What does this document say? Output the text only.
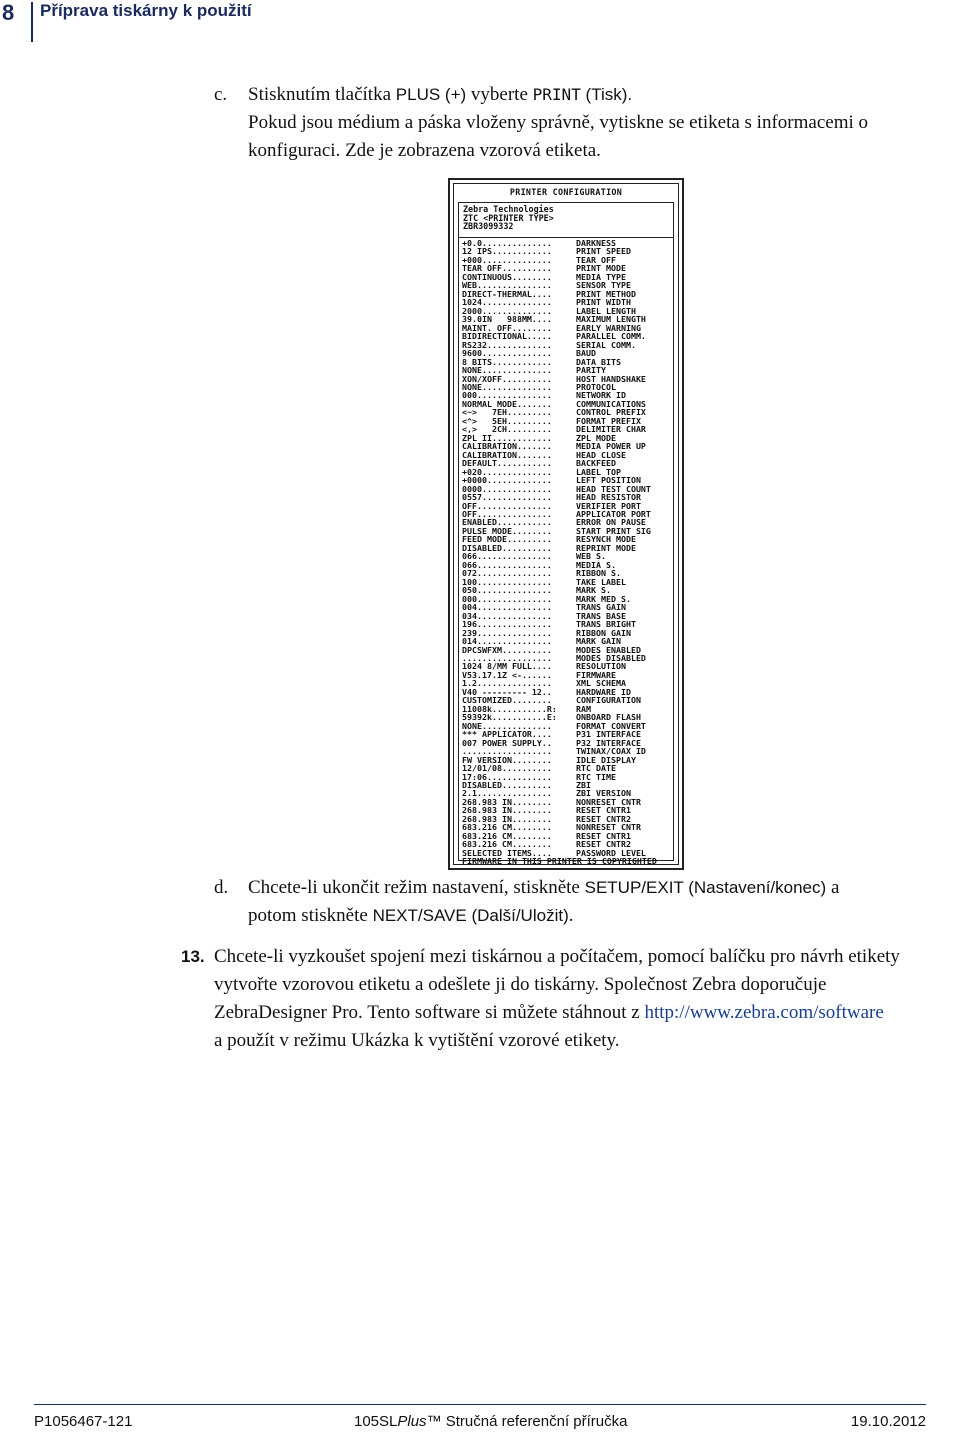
8 Příprava tiskárny k použití
c. Stisknutím tlačítka PLUS (+) vyberte PRINT (Tisk).
Pokud jsou médium a páska vloženy správně, vytiskne se etiketa s informacemi o
konfiguraci. Zde je zobrazena vzorová etiketa.
PRINTER CONFIGURATION
Zebra Technologies
ZTC <PRINTER TYPE>
ZBR3099332
+0.0..............	DARKNESS
12 IPS............	PRINT SPEED
+000..............	TEAR OFF
TEAR OFF..........	PRINT MODE
CONTINUOUS........	MEDIA TYPE
WEB...............	SENSOR TYPE
DIRECT-THERMAL....	PRINT METHOD
1024..............	PRINT WIDTH
2000..............	LABEL LENGTH
39.0IN   988MM....	MAXIMUM LENGTH
MAINT. OFF........	EARLY WARNING
BIDIRECTIONAL.....	PARALLEL COMM.
RS232.............	SERIAL COMM.
9600..............	BAUD
8 BITS............	DATA BITS
NONE..............	PARITY
XON/XOFF..........	HOST HANDSHAKE
NONE..............	PROTOCOL
000...............	NETWORK ID
NORMAL MODE.......	COMMUNICATIONS
<~>   7EH.........	CONTROL PREFIX
<^>   5EH.........	FORMAT PREFIX
<,>   2CH.........	DELIMITER CHAR
ZPL II............	ZPL MODE
CALIBRATION.......	MEDIA POWER UP
CALIBRATION.......	HEAD CLOSE
DEFAULT...........	BACKFEED
+020..............	LABEL TOP
+0000.............	LEFT POSITION
0000..............	HEAD TEST COUNT
0557..............	HEAD RESISTOR
OFF...............	VERIFIER PORT
OFF...............	APPLICATOR PORT
ENABLED...........	ERROR ON PAUSE
PULSE MODE........	START PRINT SIG
FEED MODE.........	RESYNCH MODE
DISABLED..........	REPRINT MODE
066...............	WEB S.
066...............	MEDIA S.
072...............	RIBBON S.
100...............	TAKE LABEL
050...............	MARK S.
000...............	MARK MED S.
004...............	TRANS GAIN
034...............	TRANS BASE
196...............	TRANS BRIGHT
239...............	RIBBON GAIN
014...............	MARK GAIN
DPCSWFXM..........	MODES ENABLED
..................	MODES DISABLED
1024 8/MM FULL....	RESOLUTION
V53.17.1Z <-......	FIRMWARE
1.2...............	XML SCHEMA
V40 --------- 12..	HARDWARE ID
CUSTOMIZED........	CONFIGURATION
11008k...........R:	RAM
59392k...........E:	ONBOARD FLASH
NONE..............	FORMAT CONVERT
*** APPLICATOR....	P31 INTERFACE
007 POWER SUPPLY..	P32 INTERFACE
..................	TWINAX/COAX ID
FW VERSION........	IDLE DISPLAY
12/01/08..........	RTC DATE
17:06.............	RTC TIME
DISABLED..........	ZBI
2.1...............	ZBI VERSION
268.983 IN........	NONRESET CNTR
268.983 IN........	RESET CNTR1
268.983 IN........	RESET CNTR2
683.216 CM........	NONRESET CNTR
683.216 CM........	RESET CNTR1
683.216 CM........	RESET CNTR2
SELECTED ITEMS....	PASSWORD LEVEL
FIRMWARE IN THIS PRINTER IS COPYRIGHTED
d. Chcete-li ukončit režim nastavení, stiskněte SETUP/EXIT (Nastavení/konec) a
potom stiskněte NEXT/SAVE (Další/Uložit).
13. Chcete-li vyzkoušet spojení mezi tiskárnou a počítačem, pomocí balíčku pro návrh etikety
vytvořte vzorovou etiketu a odešlete ji do tiskárny. Společnost Zebra doporučuje
ZebraDesigner Pro. Tento software si můžete stáhnout z http://www.zebra.com/software
a použít v režimu Ukázka k vytištění vzorové etikety.
P1056467-121	105SLPlus™ Stručná referenční příručka	19.10.2012
